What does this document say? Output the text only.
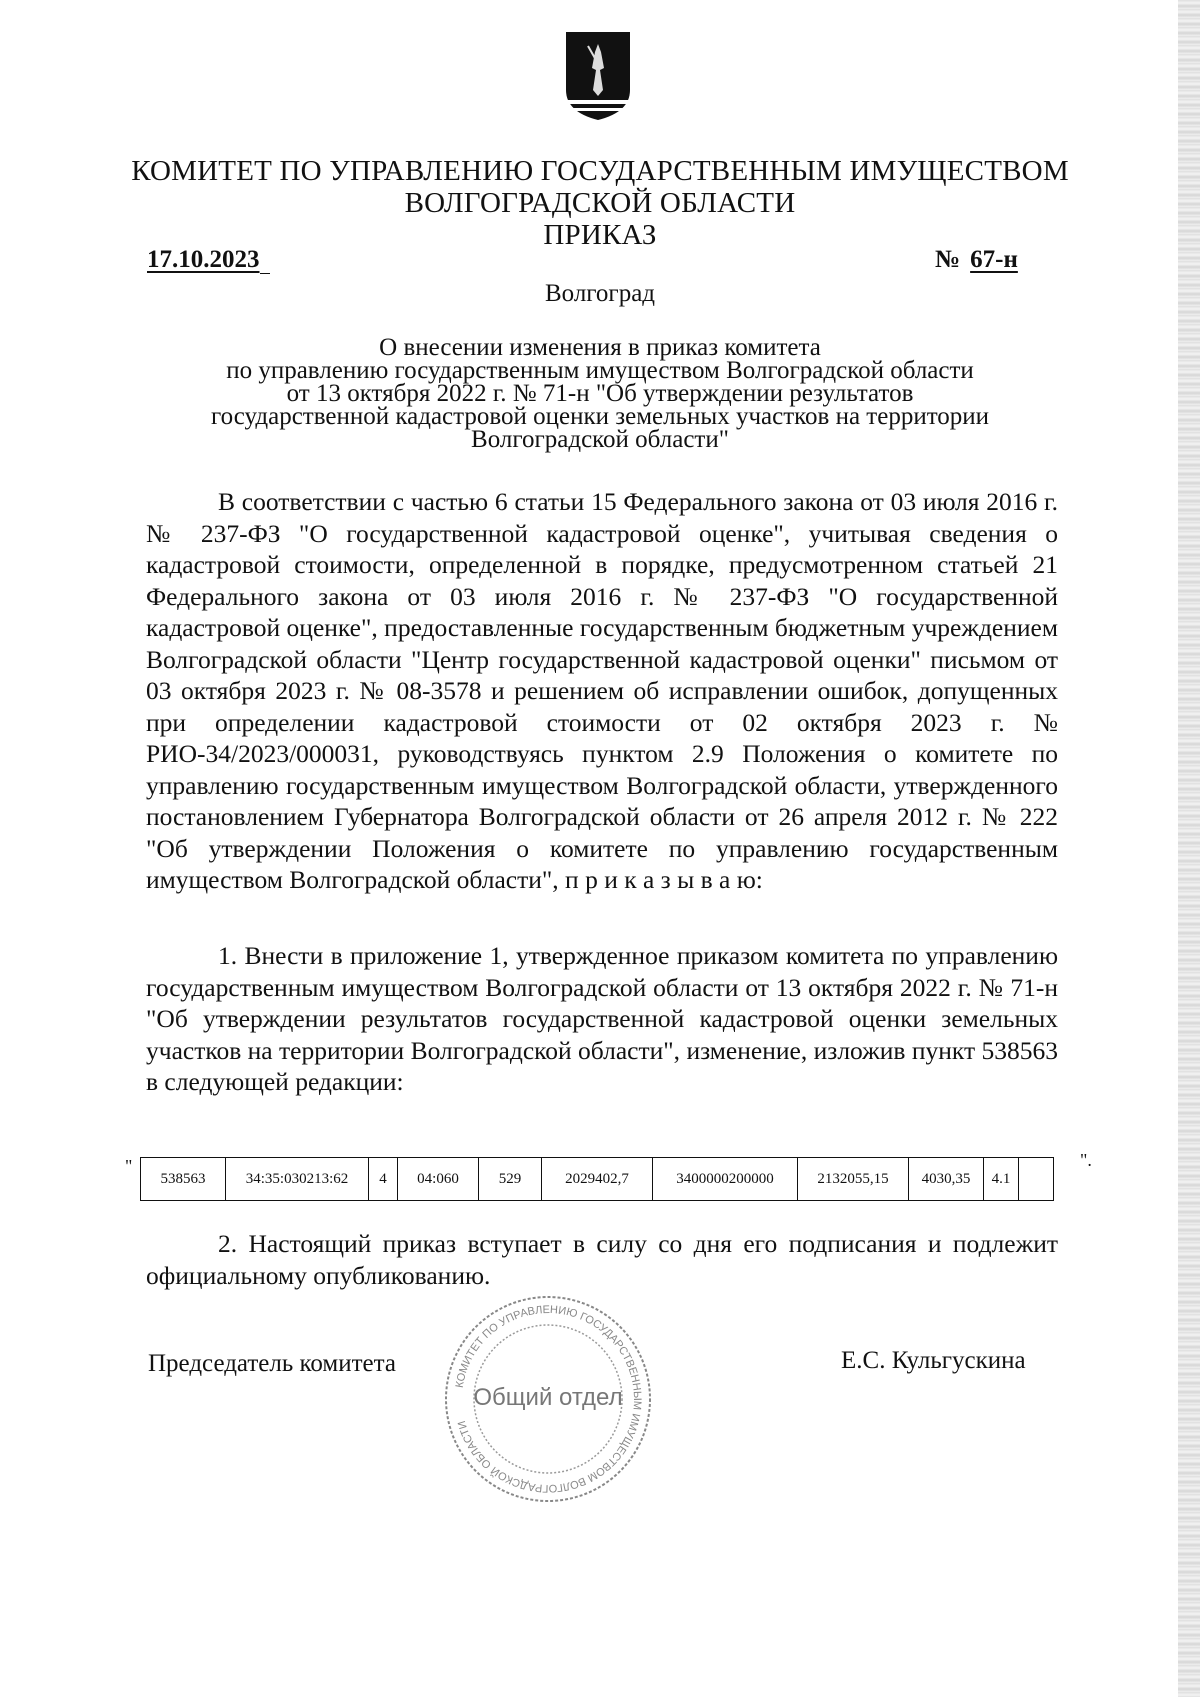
КОМИТЕТ ПО УПРАВЛЕНИЮ ГОСУДАРСТВЕННЫМ ИМУЩЕСТВОМ
ВОЛГОГРАДСКОЙ ОБЛАСТИ
ПРИКАЗ
17.10.2023	№ 67-н
Волгоград
О внесении изменения в приказ комитета
по управлению государственным имуществом Волгоградской области
от 13 октября 2022 г. № 71-н "Об утверждении результатов
государственной кадастровой оценки земельных участков на территории
Волгоградской области"
В соответствии с частью 6 статьи 15 Федерального закона от 03 июля 2016 г. № 237-ФЗ "О государственной кадастровой оценке", учитывая сведения о кадастровой стоимости, определенной в порядке, предусмотренном статьей 21 Федерального закона от 03 июля 2016 г. № 237-ФЗ "О государственной кадастровой оценке", предоставленные государственным бюджетным учреждением Волгоградской области "Центр государственной кадастровой оценки" письмом от 03 октября 2023 г. № 08-3578 и решением об исправлении ошибок, допущенных при определении кадастровой стоимости от 02 октября 2023 г. № РИО-34/2023/000031, руководствуясь пунктом 2.9 Положения о комитете по управлению государственным имуществом Волгоградской области, утвержденного постановлением Губернатора Волгоградской области от 26 апреля 2012 г. № 222 "Об утверждении Положения о комитете по управлению государственным имуществом Волгоградской области", п р и к а з ы в а ю:
1. Внести в приложение 1, утвержденное приказом комитета по управлению государственным имуществом Волгоградской области от 13 октября 2022 г. № 71-н "Об утверждении результатов государственной кадастровой оценки земельных участков на территории Волгоградской области", изменение, изложив пункт 538563 в следующей редакции:
"
538563	34:35:030213:62	4	04:060	529	2029402,7	3400000200000	2132055,15	4030,35	4.1	
".
2. Настоящий приказ вступает в силу со дня его подписания и подлежит официальному опубликованию.
Председатель комитета	Е.С. Кульгускина
КОМИТЕТ ПО УПРАВЛЕНИЮ ГОСУДАРСТВЕННЫМ ИМУЩЕСТВОМ ВОЛГОГРАДСКОЙ ОБЛАСТИ
Общий отдел
